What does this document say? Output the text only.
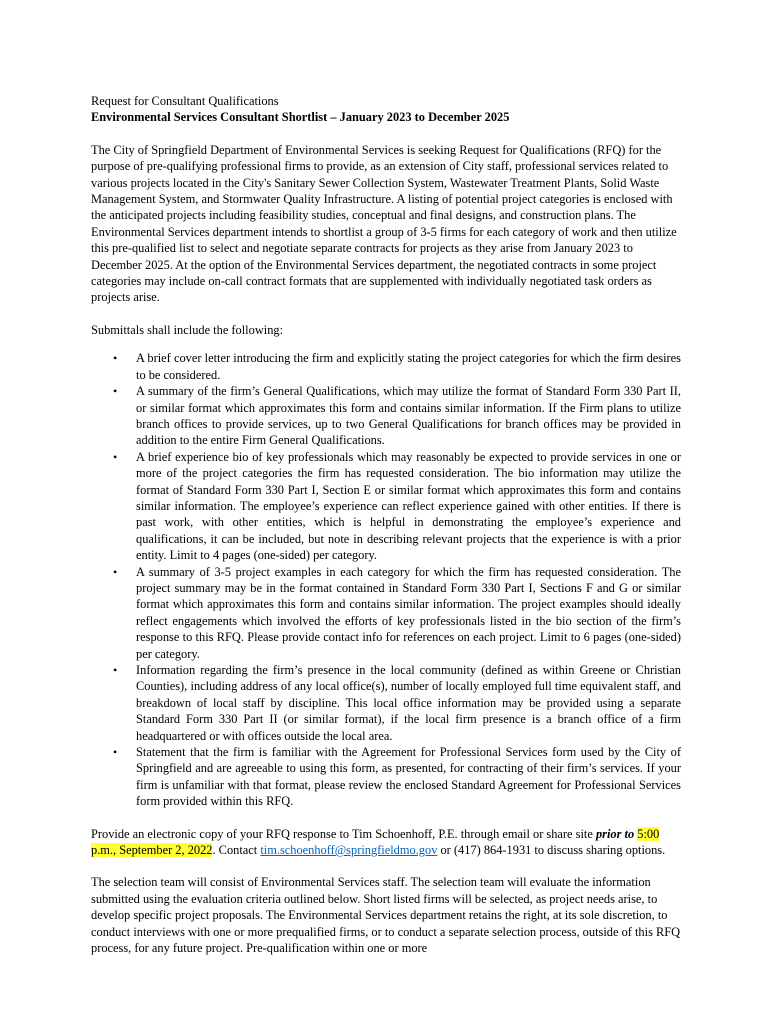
Request for Consultant Qualifications

Environmental Services Consultant Shortlist – January 2023 to December 2025

The City of Springfield Department of Environmental Services is seeking Request for Qualifications (RFQ) for the purpose of pre-qualifying professional firms to provide, as an extension of City staff, professional services related to various projects located in the City's Sanitary Sewer Collection System, Wastewater Treatment Plants, Solid Waste Management System, and Stormwater Quality Infrastructure. A listing of potential project categories is enclosed with the anticipated projects including feasibility studies, conceptual and final designs, and construction plans. The Environmental Services department intends to shortlist a group of 3-5 firms for each category of work and then utilize this pre-qualified list to select and negotiate separate contracts for projects as they arise from January 2023 to December 2025. At the option of the Environmental Services department, the negotiated contracts in some project categories may include on-call contract formats that are supplemented with individually negotiated task orders as projects arise.

Submittals shall include the following:

• A brief cover letter introducing the firm and explicitly stating the project categories for which the firm desires to be considered.
• A summary of the firm’s General Qualifications, which may utilize the format of Standard Form 330 Part II, or similar format which approximates this form and contains similar information. If the Firm plans to utilize branch offices to provide services, up to two General Qualifications for branch offices may be provided in addition to the entire Firm General Qualifications.
• A brief experience bio of key professionals which may reasonably be expected to provide services in one or more of the project categories the firm has requested consideration. The bio information may utilize the format of Standard Form 330 Part I, Section E or similar format which approximates this form and contains similar information. The employee’s experience can reflect experience gained with other entities. If there is past work, with other entities, which is helpful in demonstrating the employee’s experience and qualifications, it can be included, but note in describing relevant projects that the experience is with a prior entity. Limit to 4 pages (one-sided) per category.
• A summary of 3-5 project examples in each category for which the firm has requested consideration. The project summary may be in the format contained in Standard Form 330 Part I, Sections F and G or similar format which approximates this form and contains similar information. The project examples should ideally reflect engagements which involved the efforts of key professionals listed in the bio section of the firm’s response to this RFQ. Please provide contact info for references on each project. Limit to 6 pages (one-sided) per category.
• Information regarding the firm’s presence in the local community (defined as within Greene or Christian Counties), including address of any local office(s), number of locally employed full time equivalent staff, and breakdown of local staff by discipline. This local office information may be provided using a separate Standard Form 330 Part II (or similar format), if the local firm presence is a branch office of a firm headquartered or with offices outside the local area.
• Statement that the firm is familiar with the Agreement for Professional Services form used by the City of Springfield and are agreeable to using this form, as presented, for contracting of their firm’s services. If your firm is unfamiliar with that format, please review the enclosed Standard Agreement for Professional Services form provided within this RFQ.

Provide an electronic copy of your RFQ response to Tim Schoenhoff, P.E. through email or share site prior to 5:00 p.m., September 2, 2022. Contact tim.schoenhoff@springfieldmo.gov or (417) 864-1931 to discuss sharing options.

The selection team will consist of Environmental Services staff. The selection team will evaluate the information submitted using the evaluation criteria outlined below. Short listed firms will be selected, as project needs arise, to develop specific project proposals. The Environmental Services department retains the right, at its sole discretion, to conduct interviews with one or more prequalified firms, or to conduct a separate selection process, outside of this RFQ process, for any future project. Pre-qualification within one or more
